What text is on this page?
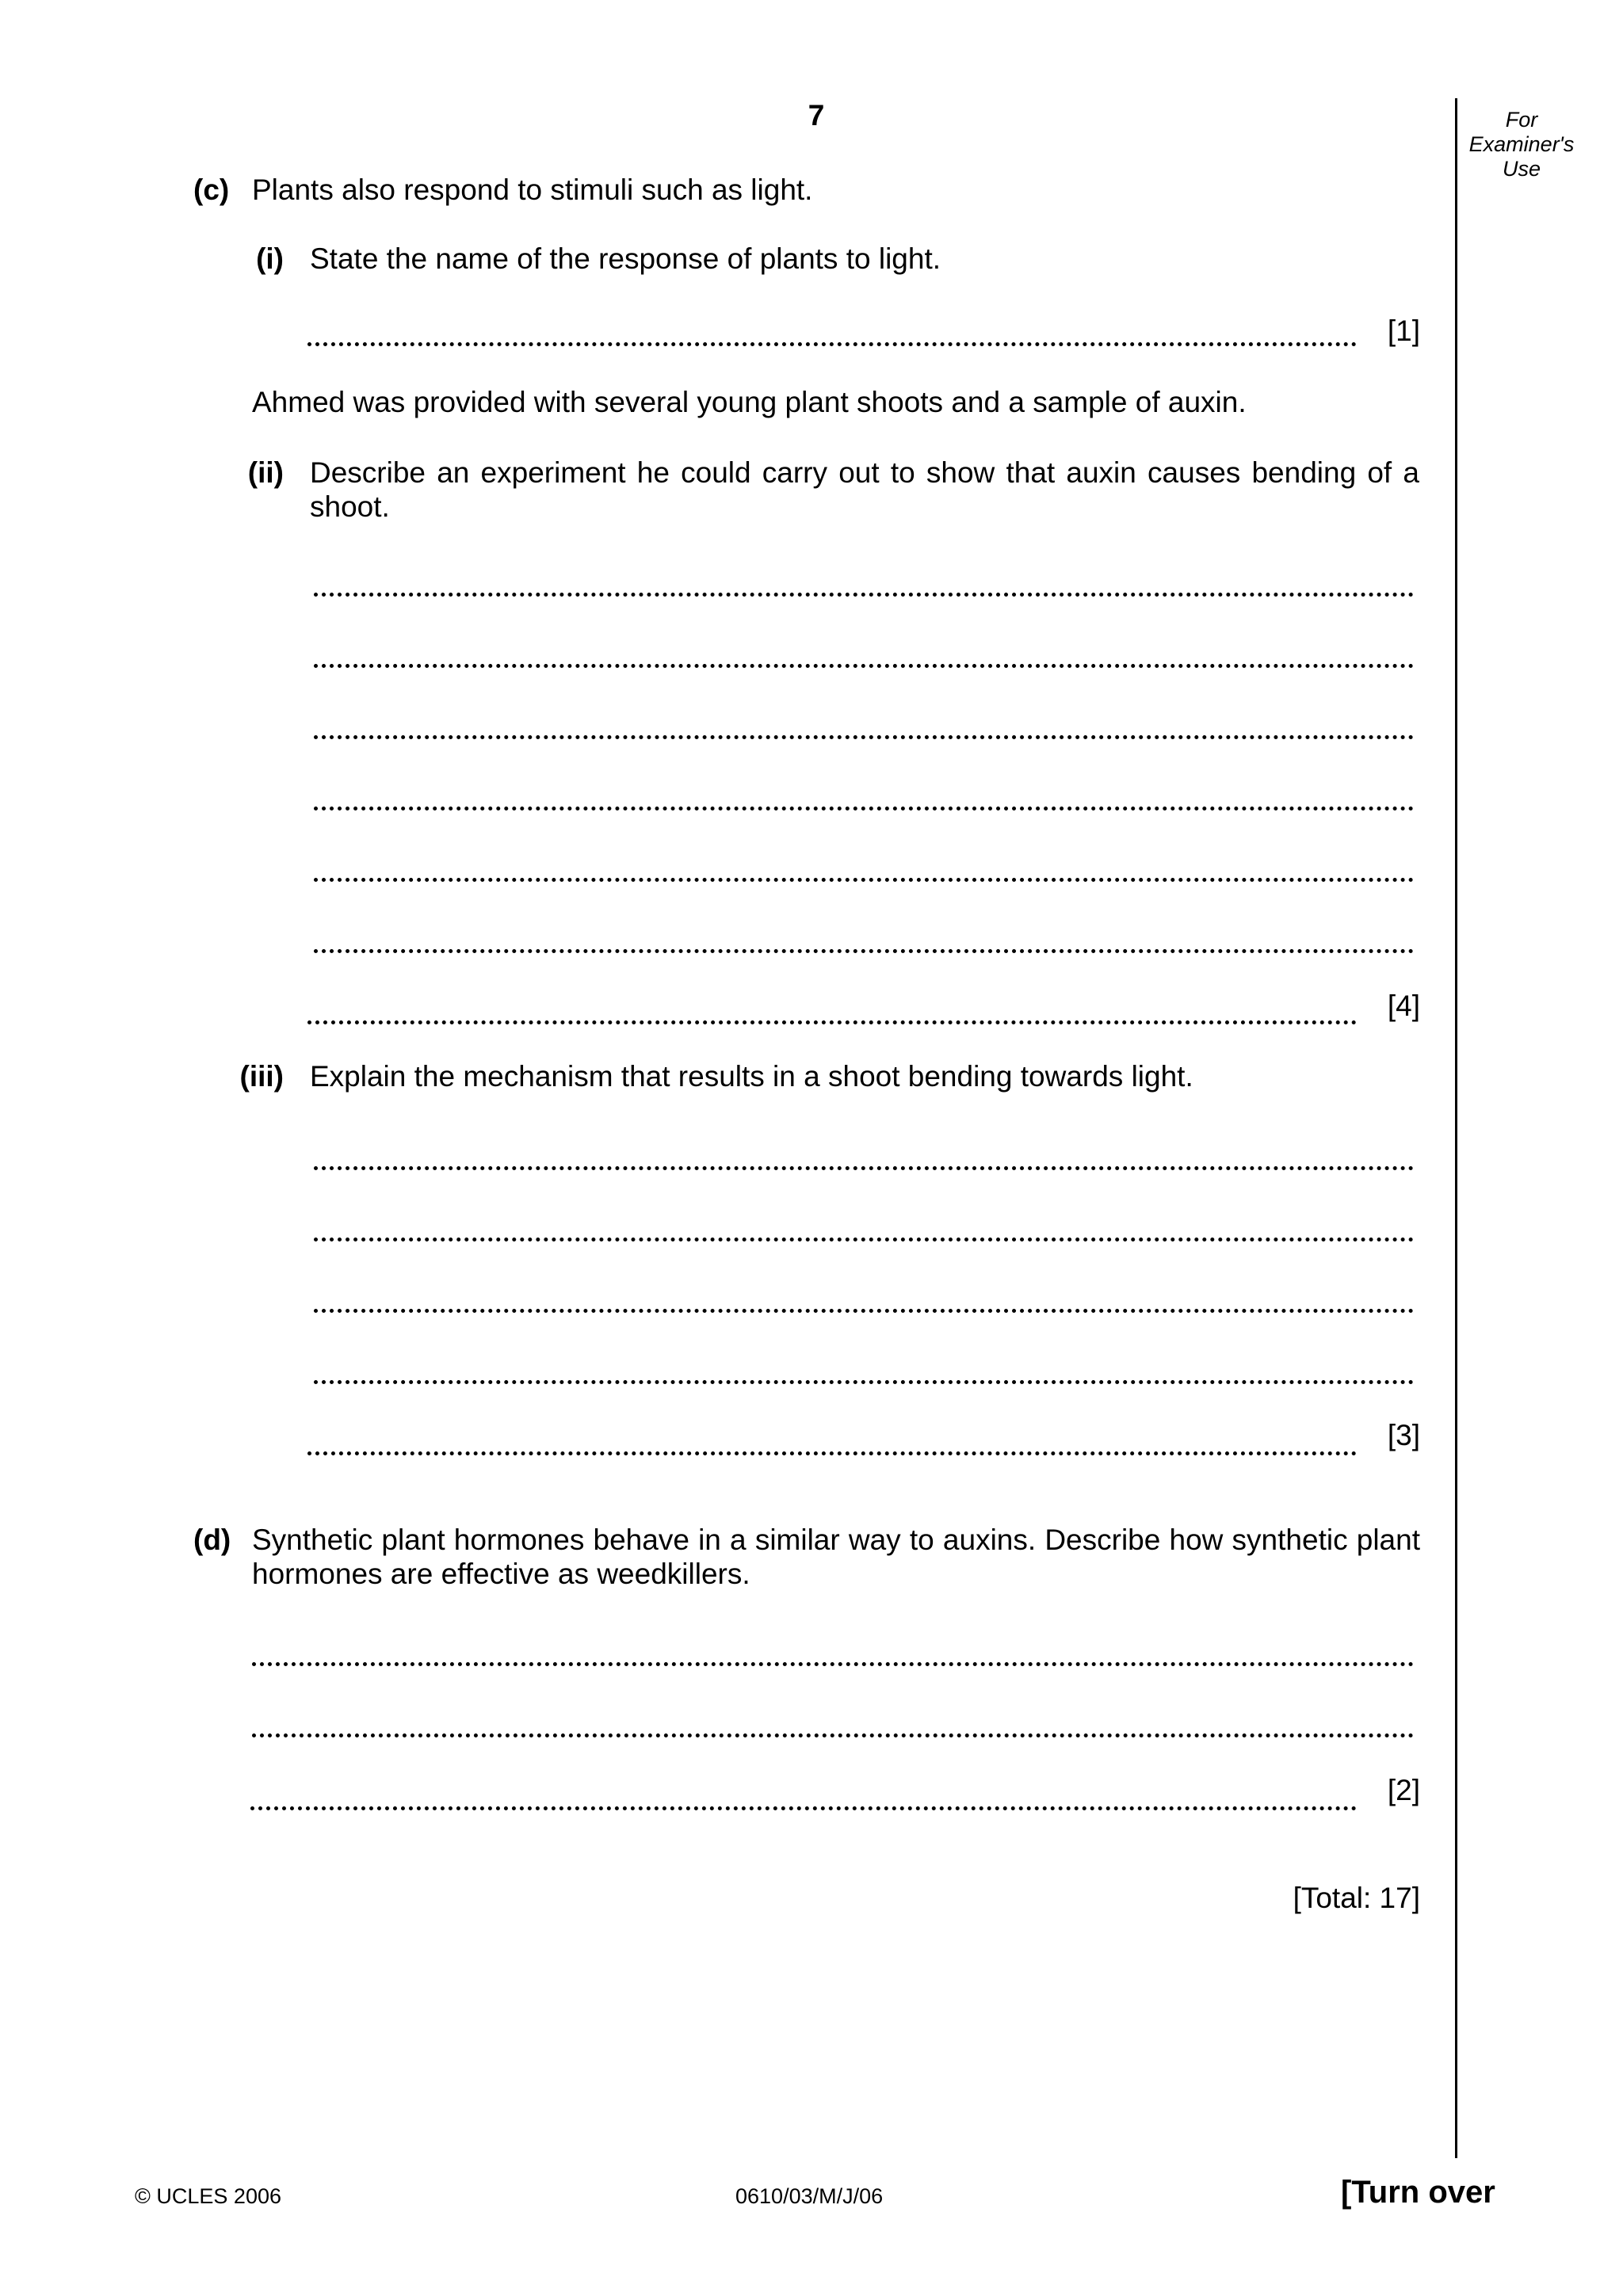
7	For
Examiner's
Use
(c) Plants also respond to stimuli such as light.
(i) State the name of the response of plants to light.
[1]
Ahmed was provided with several young plant shoots and a sample of auxin.
(ii) Describe an experiment he could carry out to show that auxin causes bending of a shoot.
[4]
(iii) Explain the mechanism that results in a shoot bending towards light.
[3]
(d) Synthetic plant hormones behave in a similar way to auxins. Describe how synthetic plant hormones are effective as weedkillers.
[2]
[Total: 17]
© UCLES 2006	0610/03/M/J/06	[Turn over
